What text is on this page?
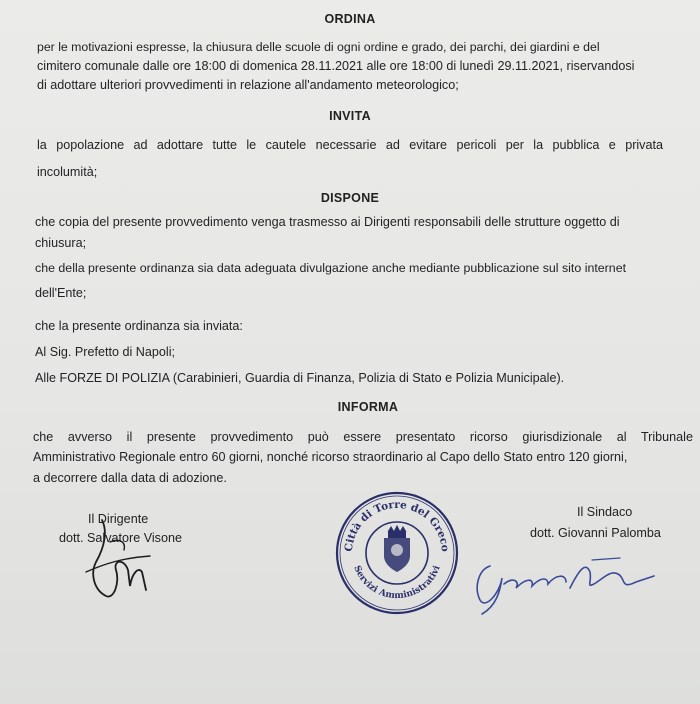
ORDINA
per le motivazioni espresse, la chiusura delle scuole di ogni ordine e grado, dei parchi, dei giardini e del
cimitero comunale dalle ore 18:00 di domenica 28.11.2021 alle ore 18:00 di lunedì 29.11.2021, riservandosi
di adottare ulteriori provvedimenti in relazione all'andamento meteorologico;
INVITA
la popolazione ad adottare tutte le cautele necessarie ad evitare pericoli per la pubblica e privata
incolumità;
DISPONE
che copia del presente provvedimento venga trasmesso ai Dirigenti responsabili delle strutture oggetto di
chiusura;
che della presente ordinanza sia data adeguata divulgazione anche mediante pubblicazione sul sito internet
dell'Ente;
che la presente ordinanza sia inviata:
Al Sig. Prefetto di Napoli;
Alle FORZE DI POLIZIA (Carabinieri, Guardia di Finanza, Polizia di Stato e Polizia Municipale).
INFORMA
che avverso il presente provvedimento può essere presentato ricorso giurisdizionale al Tribunale
Amministrativo Regionale entro 60 giorni, nonché ricorso straordinario al Capo dello Stato entro 120 giorni,
a decorrere dalla data di adozione.
Il Dirigente
dott. Salvatore Visone
Città di Torre del Greco
Servizi Amministrativi
Il Sindaco
dott. Giovanni Palomba
